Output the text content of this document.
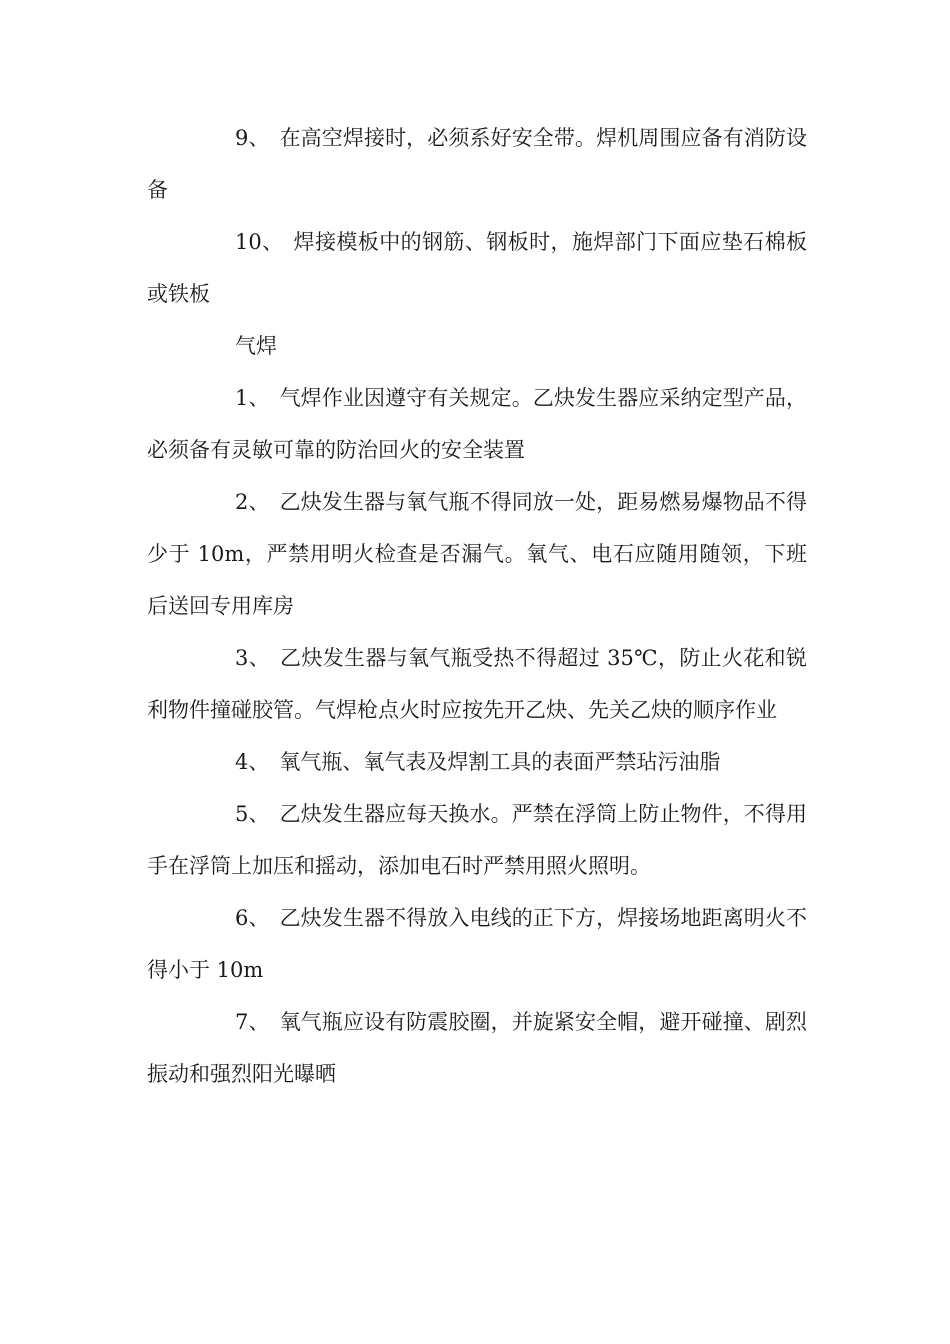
9、 在高空焊接时，必须系好安全带。焊机周围应备有消防设备

10、 焊接模板中的钢筋、钢板时，施焊部门下面应垫石棉板或铁板

气焊

1、 气焊作业因遵守有关规定。乙炔发生器应采纳定型产品，必须备有灵敏可靠的防治回火的安全装置

2、 乙炔发生器与氧气瓶不得同放一处，距易燃易爆物品不得少于 10m，严禁用明火检查是否漏气。氧气、电石应随用随领，下班后送回专用库房

3、 乙炔发生器与氧气瓶受热不得超过 35℃，防止火花和锐利物件撞碰胶管。气焊枪点火时应按先开乙炔、先关乙炔的顺序作业

4、 氧气瓶、氧气表及焊割工具的表面严禁玷污油脂

5、 乙炔发生器应每天换水。严禁在浮筒上防止物件，不得用手在浮筒上加压和摇动，添加电石时严禁用照火照明。

6、 乙炔发生器不得放入电线的正下方，焊接场地距离明火不得小于 10m

7、 氧气瓶应设有防震胶圈，并旋紧安全帽，避开碰撞、剧烈振动和强烈阳光曝晒
